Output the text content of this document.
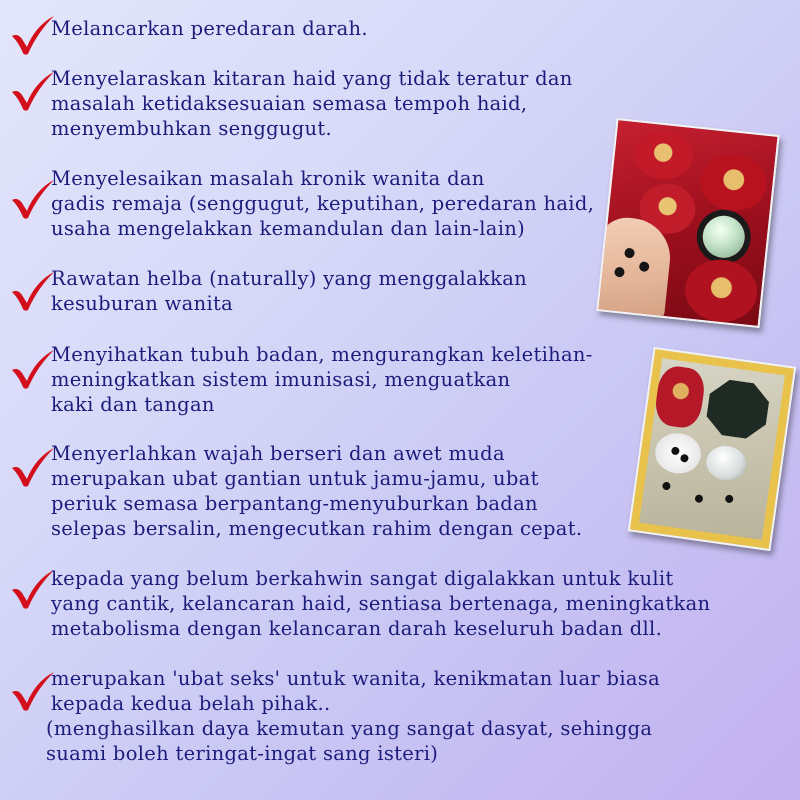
Melancarkan peredaran darah.
Menyelaraskan kitaran haid yang tidak teratur dan
masalah ketidaksesuaian semasa tempoh haid,
menyembuhkan senggugut.
Menyelesaikan masalah kronik wanita dan
gadis remaja (senggugut, keputihan, peredaran haid,
usaha mengelakkan kemandulan dan lain-lain)
Rawatan helba (naturally) yang menggalakkan
kesuburan wanita
Menyihatkan tubuh badan, mengurangkan keletihan-
meningkatkan sistem imunisasi, menguatkan
kaki dan tangan
Menyerlahkan wajah berseri dan awet muda
merupakan ubat gantian untuk jamu-jamu, ubat
periuk semasa berpantang-menyuburkan badan
selepas bersalin, mengecutkan rahim dengan cepat.
kepada yang belum berkahwin sangat digalakkan untuk kulit
yang cantik, kelancaran haid, sentiasa bertenaga, meningkatkan
metabolisma dengan kelancaran darah keseluruh badan dll.
merupakan 'ubat seks' untuk wanita, kenikmatan luar biasa
kepada kedua belah pihak..
(menghasilkan daya kemutan yang sangat dasyat, sehingga
suami boleh teringat-ingat sang isteri)
